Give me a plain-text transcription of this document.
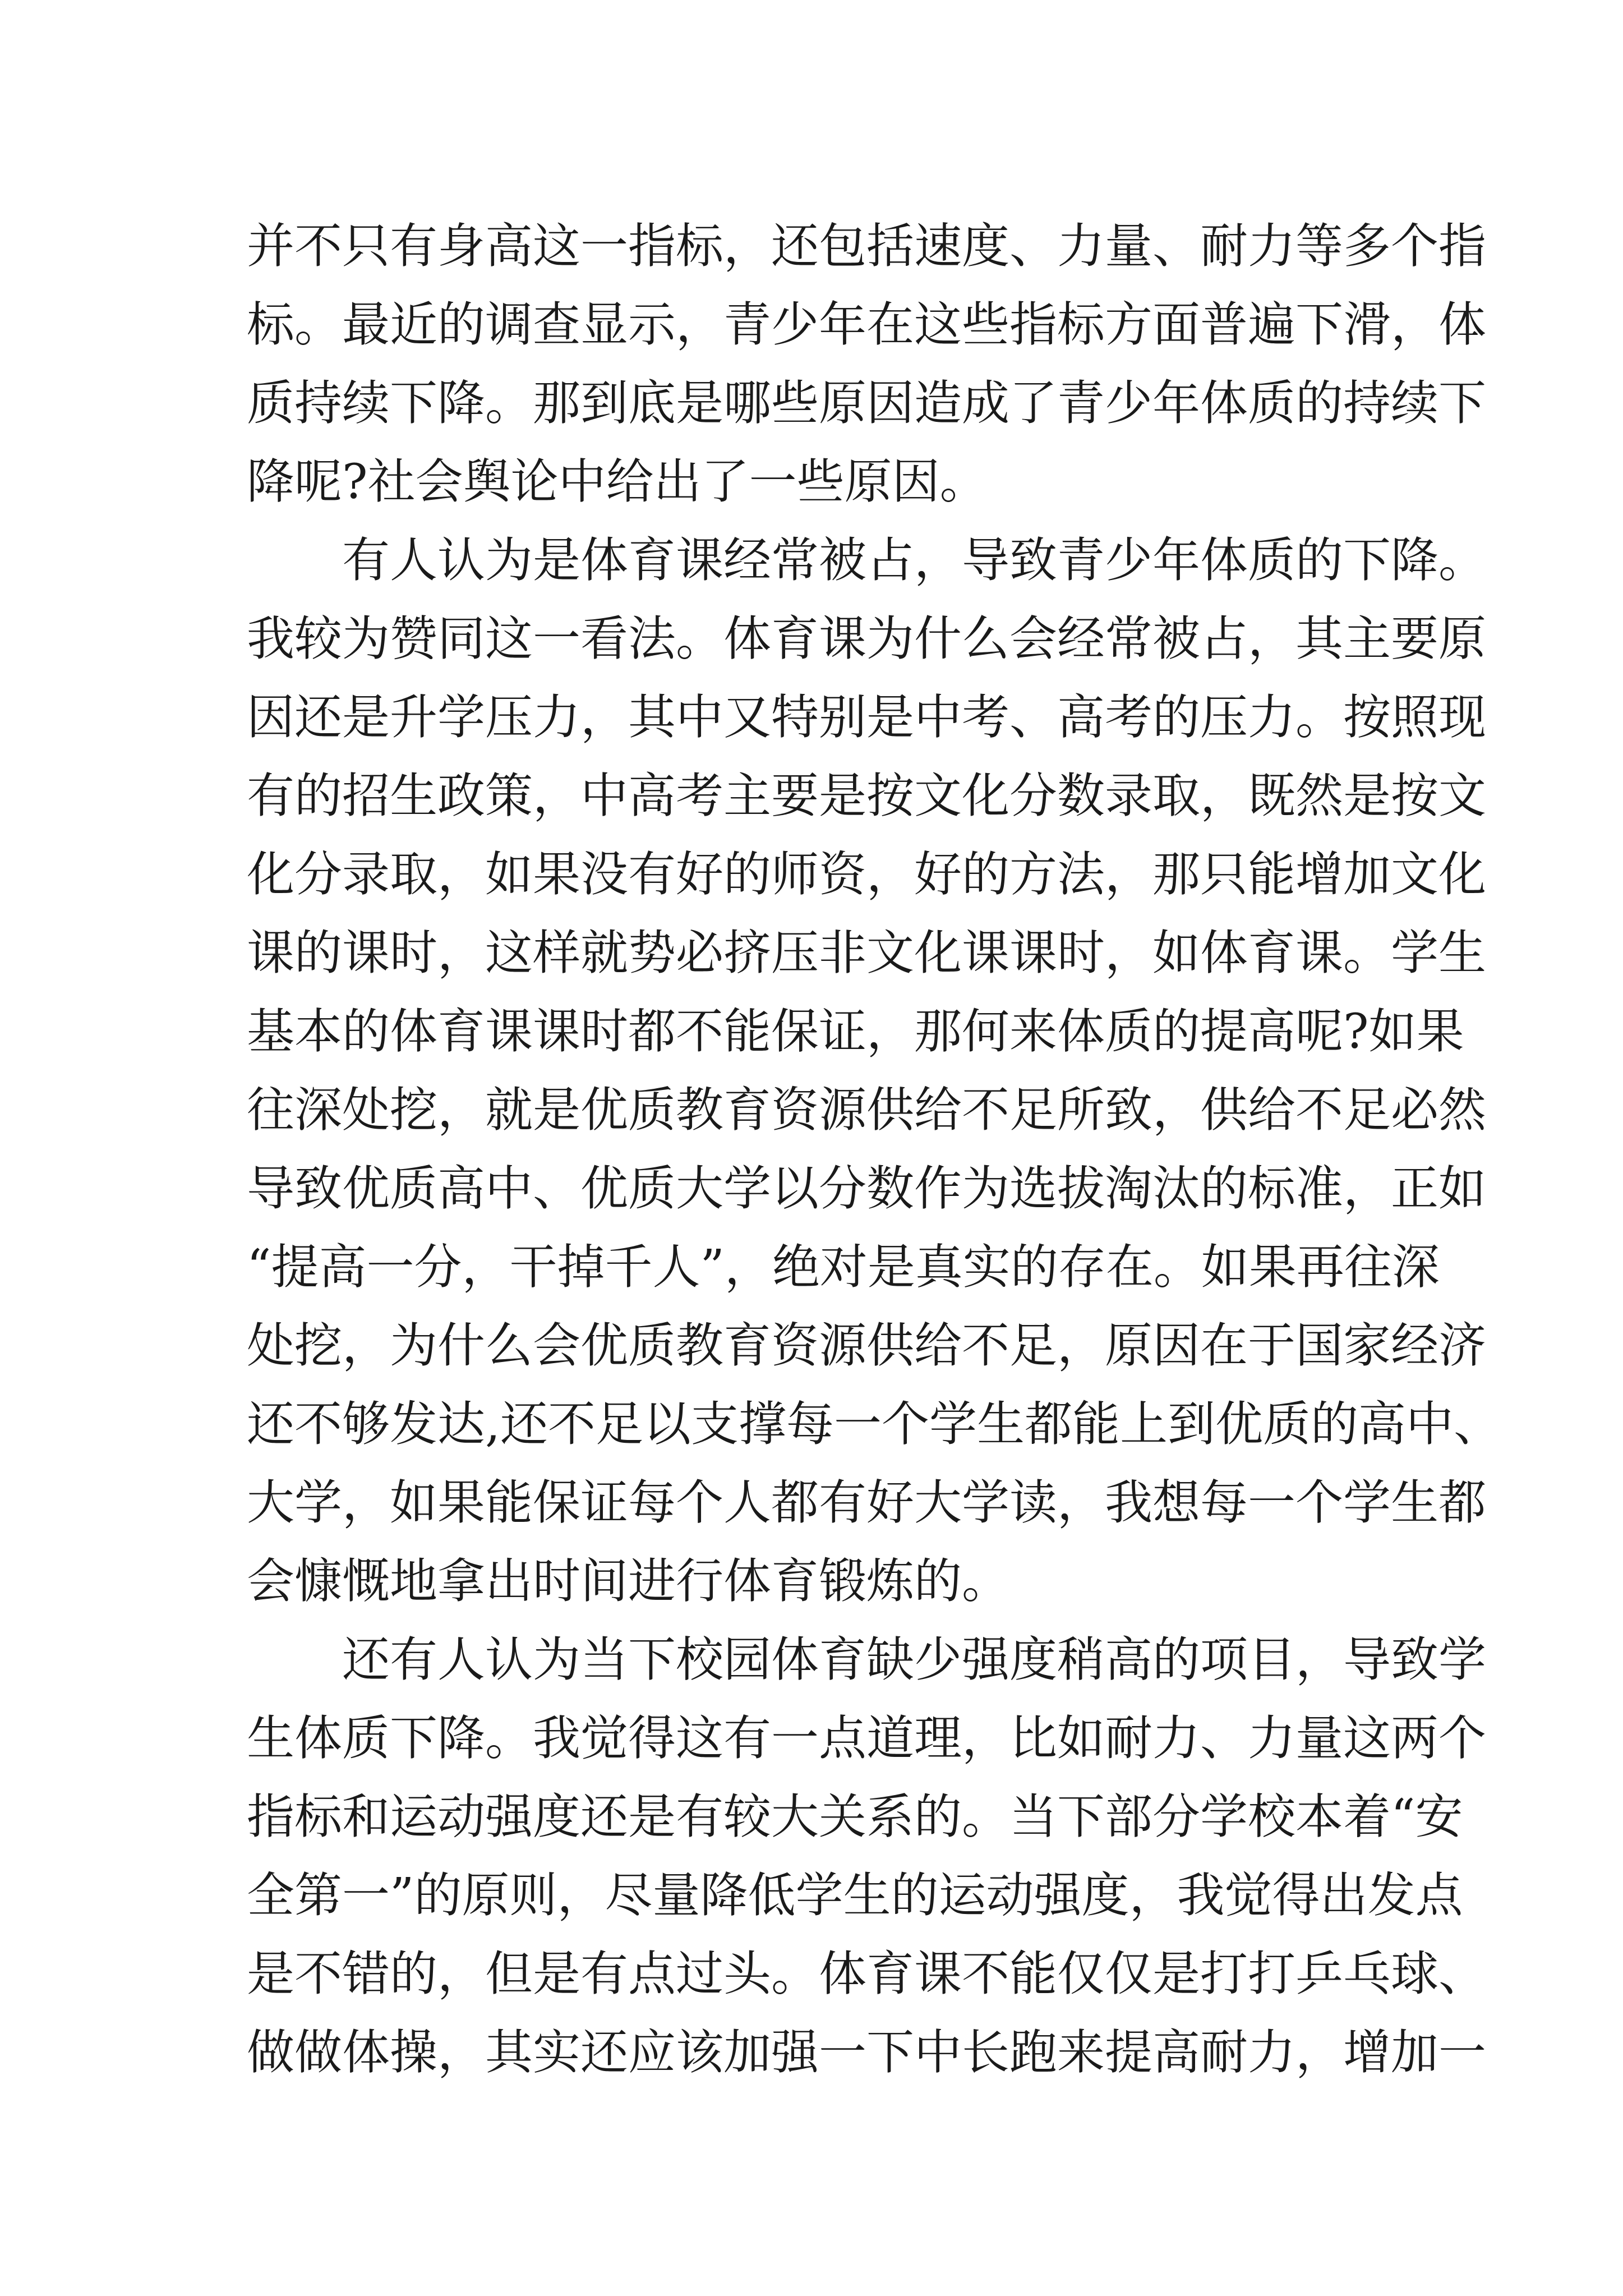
并不只有身高这一指标，还包括速度、力量、耐力等多个指
标。最近的调查显示，青少年在这些指标方面普遍下滑，体
质持续下降。那到底是哪些原因造成了青少年体质的持续下
降呢?社会舆论中给出了一些原因。
有人认为是体育课经常被占，导致青少年体质的下降。
我较为赞同这一看法。体育课为什么会经常被占，其主要原
因还是升学压力，其中又特别是中考、高考的压力。按照现
有的招生政策，中高考主要是按文化分数录取，既然是按文
化分录取，如果没有好的师资，好的方法，那只能增加文化
课的课时，这样就势必挤压非文化课课时，如体育课。学生
基本的体育课课时都不能保证，那何来体质的提高呢?如果
往深处挖，就是优质教育资源供给不足所致，供给不足必然
导致优质高中、优质大学以分数作为选拔淘汰的标准，正如
“提高一分，干掉千人”，绝对是真实的存在。如果再往深
处挖，为什么会优质教育资源供给不足，原因在于国家经济
还不够发达,还不足以支撑每一个学生都能上到优质的高中、
大学，如果能保证每个人都有好大学读，我想每一个学生都
会慷慨地拿出时间进行体育锻炼的。
还有人认为当下校园体育缺少强度稍高的项目，导致学
生体质下降。我觉得这有一点道理，比如耐力、力量这两个
指标和运动强度还是有较大关系的。当下部分学校本着“安
全第一”的原则，尽量降低学生的运动强度，我觉得出发点
是不错的，但是有点过头。体育课不能仅仅是打打乒乓球、
做做体操，其实还应该加强一下中长跑来提高耐力，增加一
